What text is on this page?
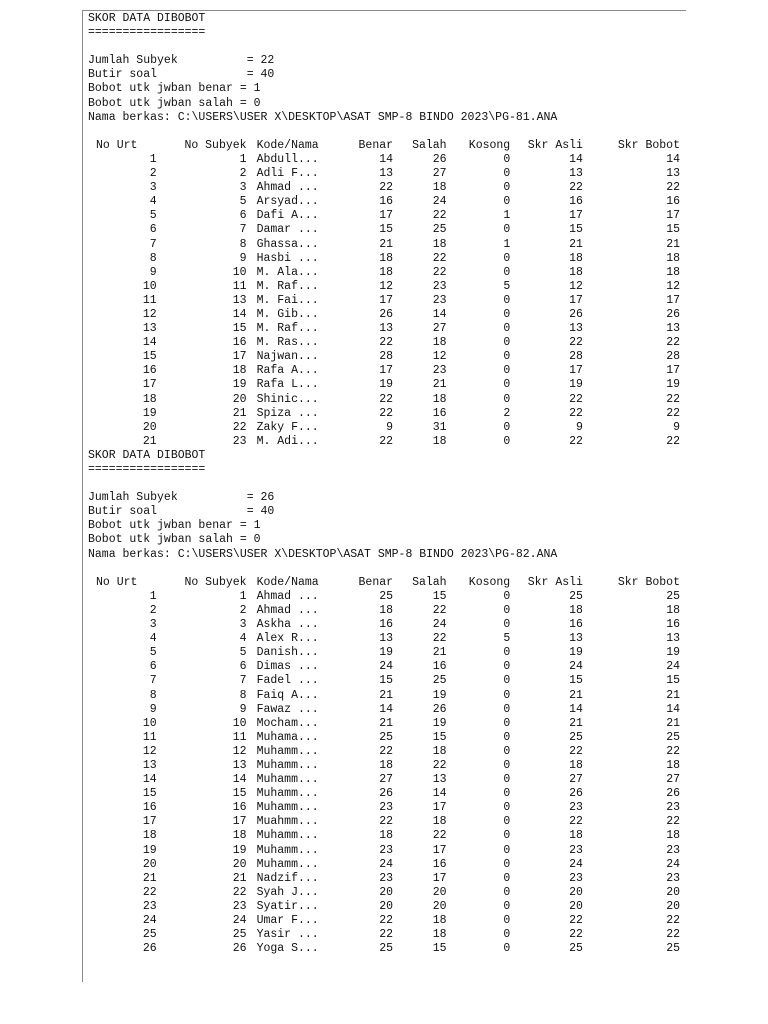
SKOR DATA DIBOBOT
=================
Jumlah Subyek          = 22
Butir soal             = 40
Bobot utk jwban benar = 1
Bobot utk jwban salah = 0
Nama berkas: C:\USERS\USER X\DESKTOP\ASAT SMP-8 BINDO 2023\PG-81.ANA
No Urt	No Subyek	Kode/Nama	Benar	Salah	Kosong	Skr Asli	Skr Bobot
1	1	Abdull...	14	26	0	14	14
2	2	Adli F...	13	27	0	13	13
3	3	Ahmad ...	22	18	0	22	22
4	5	Arsyad...	16	24	0	16	16
5	6	Dafi A...	17	22	1	17	17
6	7	Damar ...	15	25	0	15	15
7	8	Ghassa...	21	18	1	21	21
8	9	Hasbi ...	18	22	0	18	18
9	10	M. Ala...	18	22	0	18	18
10	11	M. Raf...	12	23	5	12	12
11	13	M. Fai...	17	23	0	17	17
12	14	M. Gib...	26	14	0	26	26
13	15	M. Raf...	13	27	0	13	13
14	16	M. Ras...	22	18	0	22	22
15	17	Najwan...	28	12	0	28	28
16	18	Rafa A...	17	23	0	17	17
17	19	Rafa L...	19	21	0	19	19
18	20	Shinic...	22	18	0	22	22
19	21	Spiza ...	22	16	2	22	22
20	22	Zaky F...	9	31	0	9	9
21	23	M. Adi...	22	18	0	22	22
SKOR DATA DIBOBOT
=================
Jumlah Subyek          = 26
Butir soal             = 40
Bobot utk jwban benar = 1
Bobot utk jwban salah = 0
Nama berkas: C:\USERS\USER X\DESKTOP\ASAT SMP-8 BINDO 2023\PG-82.ANA
No Urt	No Subyek	Kode/Nama	Benar	Salah	Kosong	Skr Asli	Skr Bobot
1	1	Ahmad ...	25	15	0	25	25
2	2	Ahmad ...	18	22	0	18	18
3	3	Askha ...	16	24	0	16	16
4	4	Alex R...	13	22	5	13	13
5	5	Danish...	19	21	0	19	19
6	6	Dimas ...	24	16	0	24	24
7	7	Fadel ...	15	25	0	15	15
8	8	Faiq A...	21	19	0	21	21
9	9	Fawaz ...	14	26	0	14	14
10	10	Mocham...	21	19	0	21	21
11	11	Muhama...	25	15	0	25	25
12	12	Muhamm...	22	18	0	22	22
13	13	Muhamm...	18	22	0	18	18
14	14	Muhamm...	27	13	0	27	27
15	15	Muhamm...	26	14	0	26	26
16	16	Muhamm...	23	17	0	23	23
17	17	Muahmm...	22	18	0	22	22
18	18	Muhamm...	18	22	0	18	18
19	19	Muhamm...	23	17	0	23	23
20	20	Muhamm...	24	16	0	24	24
21	21	Nadzif...	23	17	0	23	23
22	22	Syah J...	20	20	0	20	20
23	23	Syatir...	20	20	0	20	20
24	24	Umar F...	22	18	0	22	22
25	25	Yasir ...	22	18	0	22	22
26	26	Yoga S...	25	15	0	25	25
